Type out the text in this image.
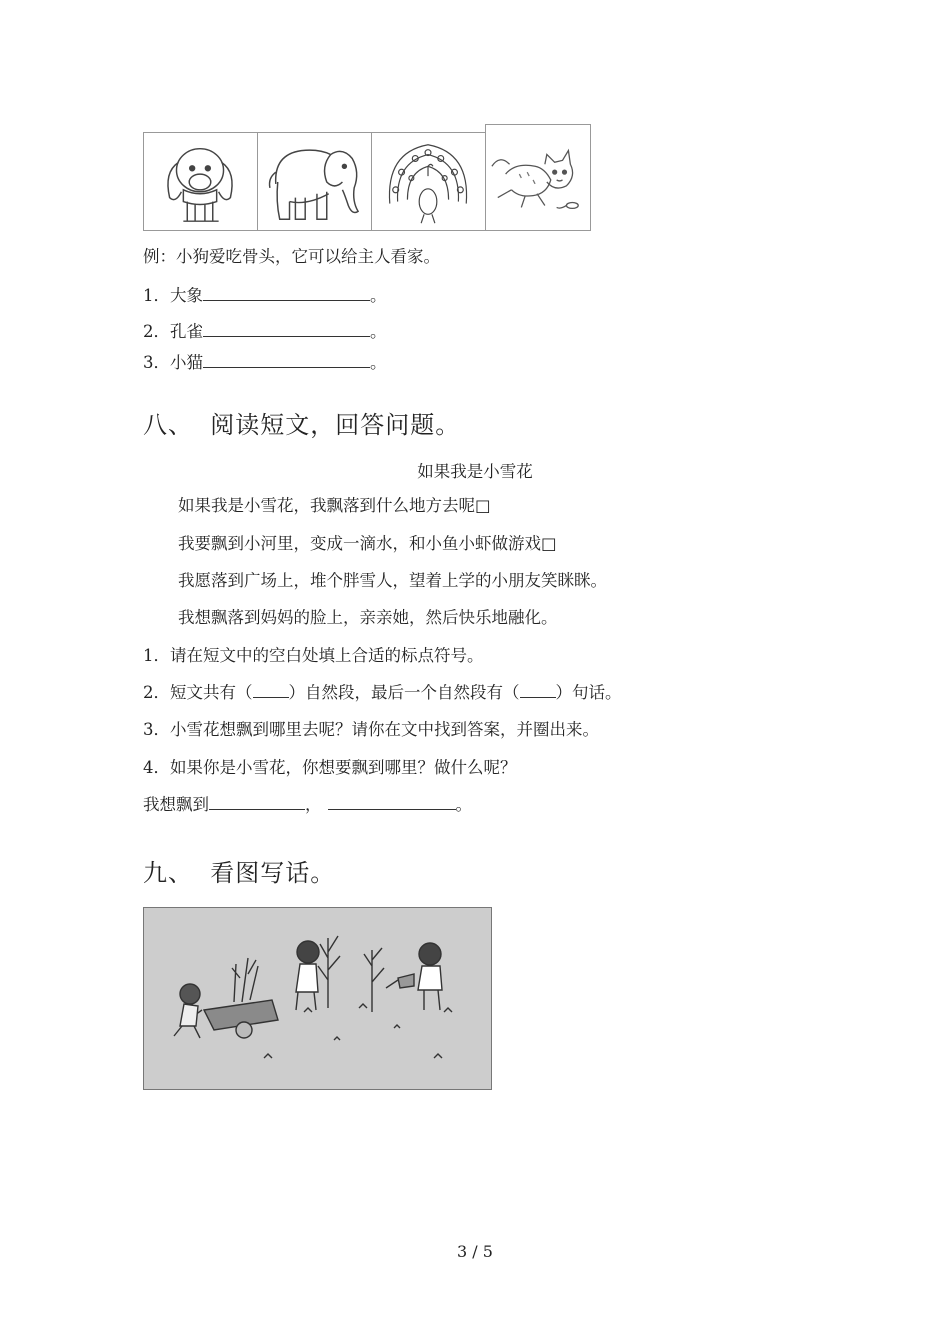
例：小狗爱吃骨头，它可以给主人看家。
1．大象	。
2．孔雀	。
3．小猫	。
八、  阅读短文，回答问题。
如果我是小雪花
如果我是小雪花，我飘落到什么地方去呢□
我要飘到小河里，变成一滴水，和小鱼小虾做游戏□
我愿落到广场上，堆个胖雪人，望着上学的小朋友笑眯眯。
我想飘落到妈妈的脸上，亲亲她，然后快乐地融化。
1．请在短文中的空白处填上合适的标点符号。
2．短文共有（ ）自然段，最后一个自然段有（ ）句话。
3．小雪花想飘到哪里去呢？请你在文中找到答案，并圈出来。
4．如果你是小雪花，你想要飘到哪里？做什么呢？
我想飘到	，	。
九、  看图写话。
3 / 5
